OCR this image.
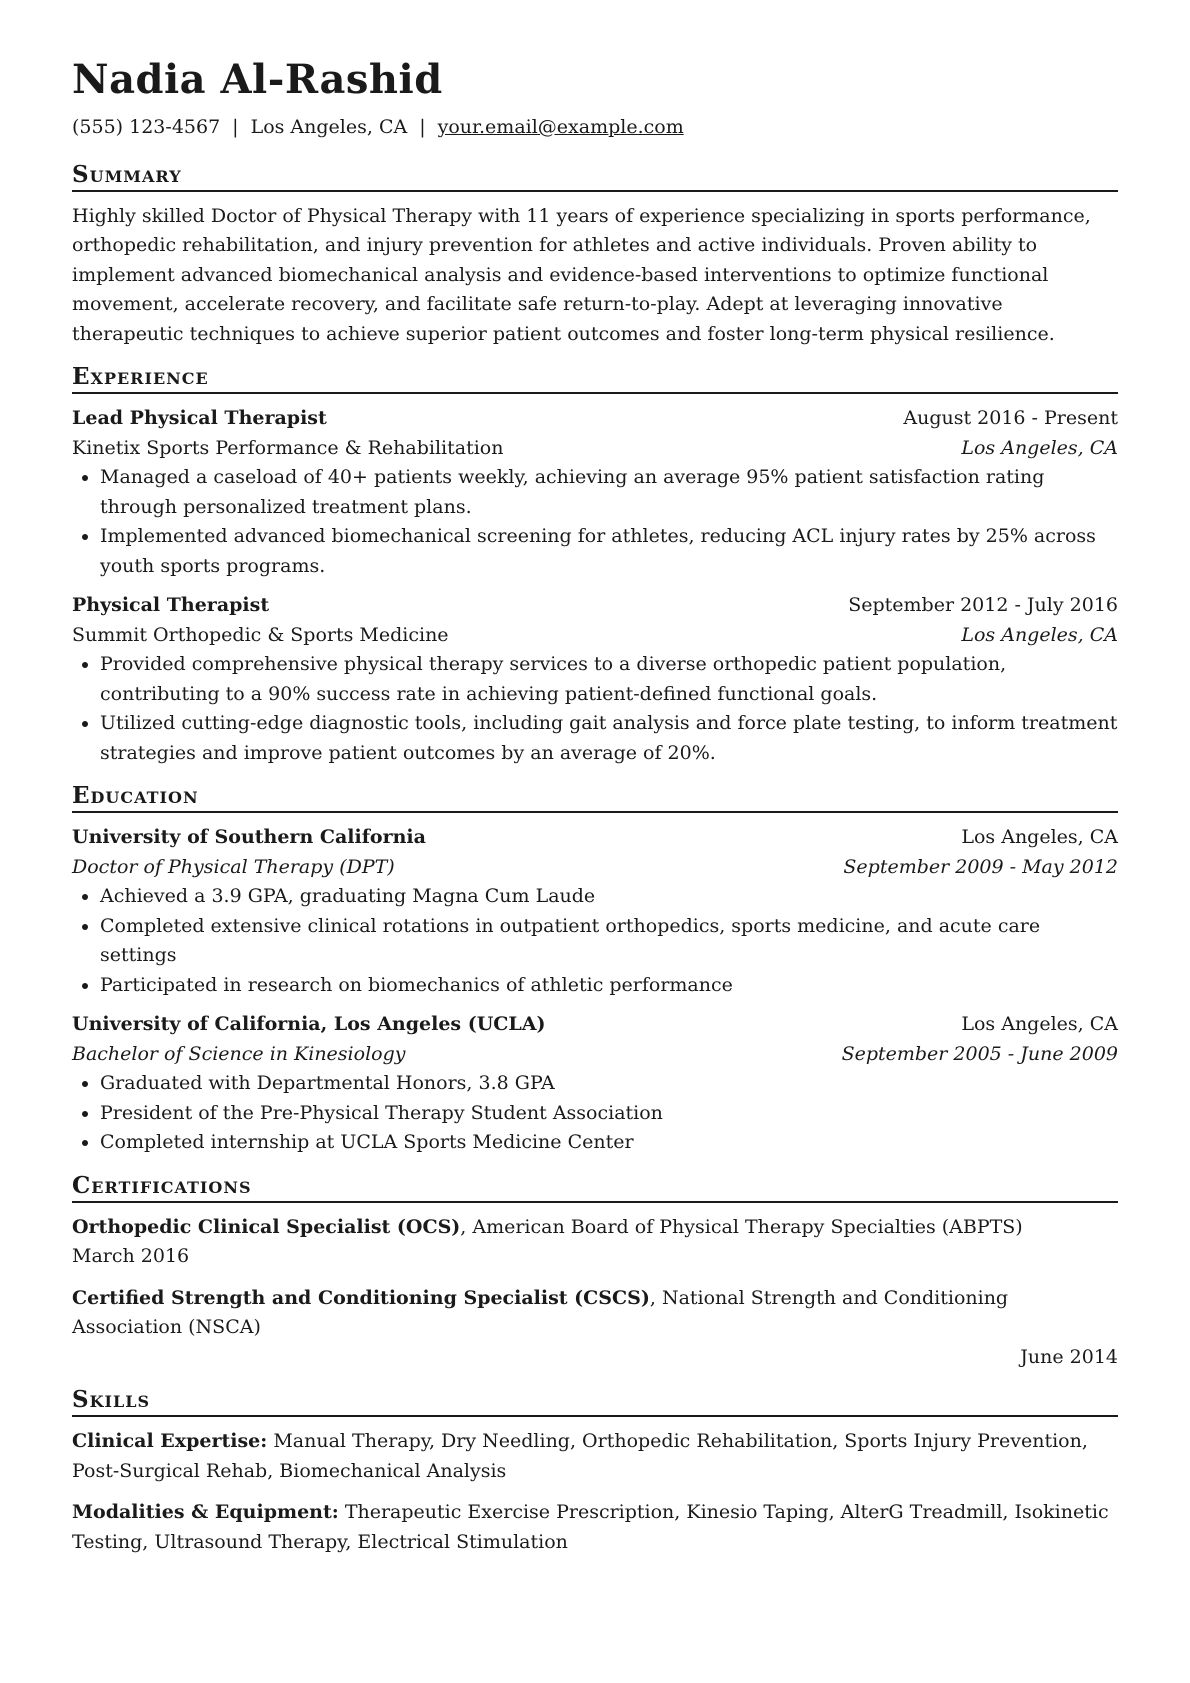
Nadia Al-Rashid
(555) 123-4567 | Los Angeles, CA | your.email@example.com
Summary
Highly skilled Doctor of Physical Therapy with 11 years of experience specializing in sports performance, orthopedic rehabilitation, and injury prevention for athletes and active individuals. Proven ability to implement advanced biomechanical analysis and evidence-based interventions to optimize functional movement, accelerate recovery, and facilitate safe return-to-play. Adept at leveraging innovative therapeutic techniques to achieve superior patient outcomes and foster long-term physical resilience.
Experience
Lead Physical Therapist	August 2016 - Present
Kinetix Sports Performance & Rehabilitation	Los Angeles, CA
• Managed a caseload of 40+ patients weekly, achieving an average 95% patient satisfaction rating through personalized treatment plans.
• Implemented advanced biomechanical screening for athletes, reducing ACL injury rates by 25% across youth sports programs.
Physical Therapist	September 2012 - July 2016
Summit Orthopedic & Sports Medicine	Los Angeles, CA
• Provided comprehensive physical therapy services to a diverse orthopedic patient population, contributing to a 90% success rate in achieving patient-defined functional goals.
• Utilized cutting-edge diagnostic tools, including gait analysis and force plate testing, to inform treatment strategies and improve patient outcomes by an average of 20%.
Education
University of Southern California	Los Angeles, CA
Doctor of Physical Therapy (DPT)	September 2009 - May 2012
• Achieved a 3.9 GPA, graduating Magna Cum Laude
• Completed extensive clinical rotations in outpatient orthopedics, sports medicine, and acute care settings
• Participated in research on biomechanics of athletic performance
University of California, Los Angeles (UCLA)	Los Angeles, CA
Bachelor of Science in Kinesiology	September 2005 - June 2009
• Graduated with Departmental Honors, 3.8 GPA
• President of the Pre-Physical Therapy Student Association
• Completed internship at UCLA Sports Medicine Center
Certifications
Orthopedic Clinical Specialist (OCS), American Board of Physical Therapy Specialties (ABPTS)
March 2016
Certified Strength and Conditioning Specialist (CSCS), National Strength and Conditioning Association (NSCA)
June 2014
Skills
Clinical Expertise: Manual Therapy, Dry Needling, Orthopedic Rehabilitation, Sports Injury Prevention, Post-Surgical Rehab, Biomechanical Analysis
Modalities & Equipment: Therapeutic Exercise Prescription, Kinesio Taping, AlterG Treadmill, Isokinetic Testing, Ultrasound Therapy, Electrical Stimulation
